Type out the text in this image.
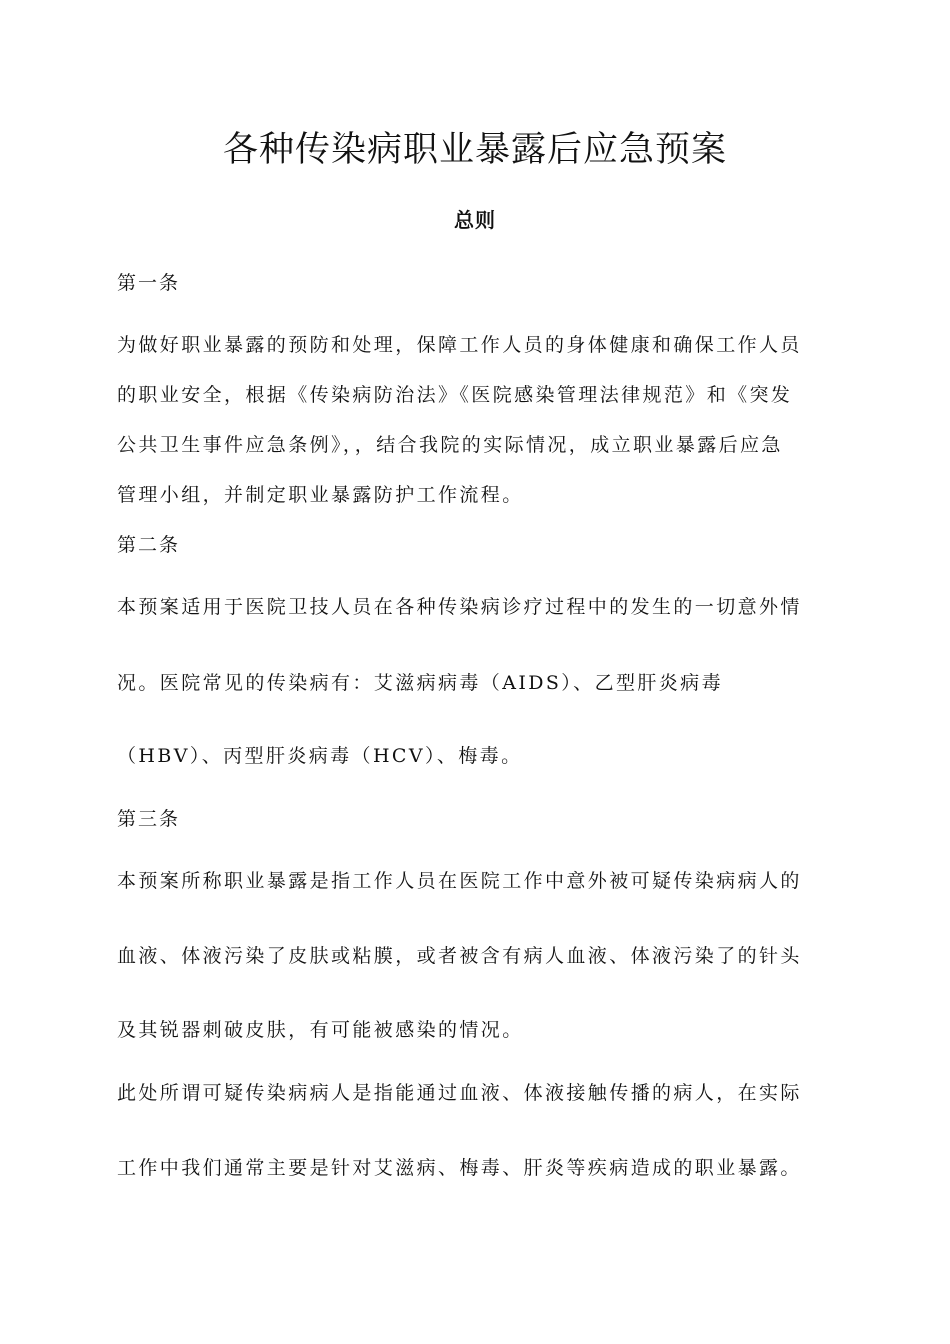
各种传染病职业暴露后应急预案
总则
第一条
为做好职业暴露的预防和处理，保障工作人员的身体健康和确保工作人员
的职业安全，根据《传染病防治法》《医院感染管理法律规范》和《突发
公共卫生事件应急条例》，，结合我院的实际情况，成立职业暴露后应急
管理小组，并制定职业暴露防护工作流程。
第二条
本预案适用于医院卫技人员在各种传染病诊疗过程中的发生的一切意外情
况。医院常见的传染病有：艾滋病病毒（AIDS）、乙型肝炎病毒
（HBV）、丙型肝炎病毒（HCV）、梅毒。
第三条
本预案所称职业暴露是指工作人员在医院工作中意外被可疑传染病病人的
血液、体液污染了皮肤或粘膜，或者被含有病人血液、体液污染了的针头
及其锐器刺破皮肤，有可能被感染的情况。
此处所谓可疑传染病病人是指能通过血液、体液接触传播的病人，在实际
工作中我们通常主要是针对艾滋病、梅毒、肝炎等疾病造成的职业暴露。
